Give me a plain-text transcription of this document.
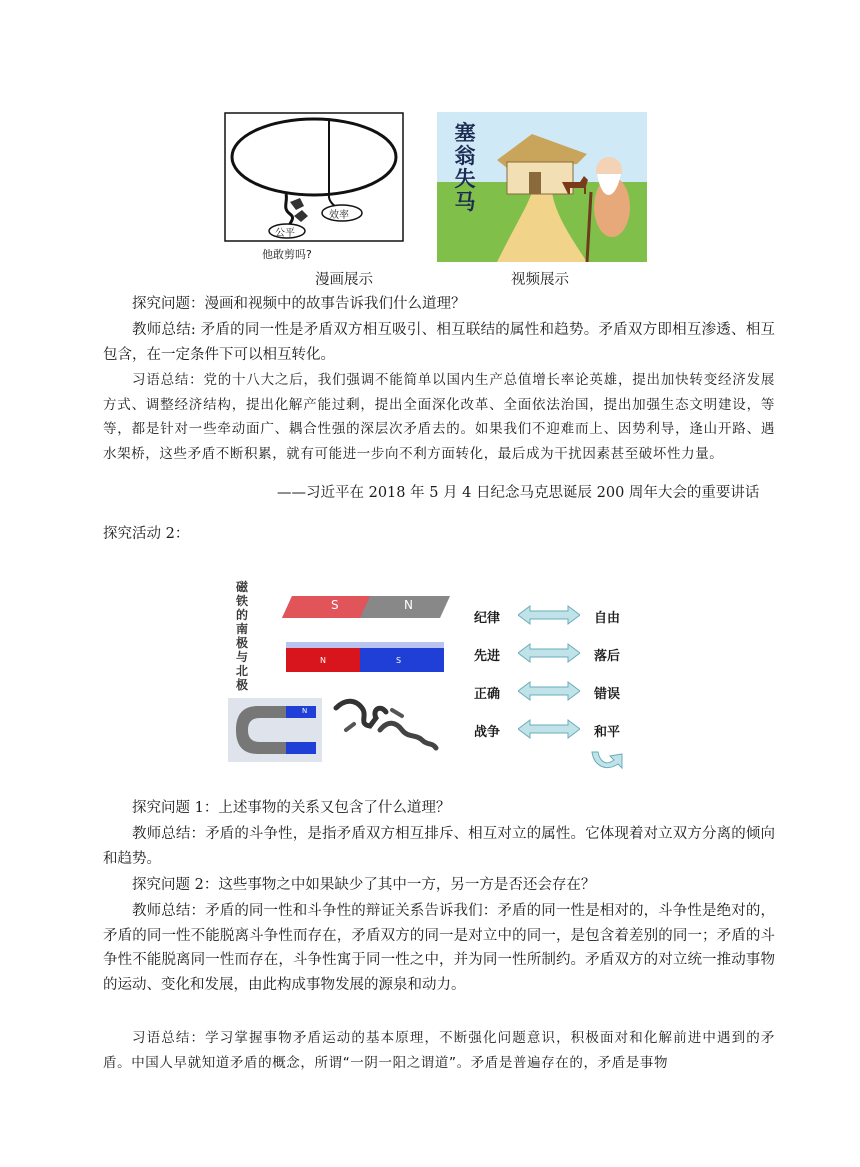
效率
公平
他敢剪吗?
漫画展示
塞
翁
失
马
视频展示

探究问题：漫画和视频中的故事告诉我们什么道理？

教师总结: 矛盾的同一性是矛盾双方相互吸引、相互联结的属性和趋势。矛盾双方即相互渗透、相互包含，在一定条件下可以相互转化。

习语总结：党的十八大之后，我们强调不能简单以国内生产总值增长率论英雄，提出加快转变经济发展方式、调整经济结构，提出化解产能过剩，提出全面深化改革、全面依法治国，提出加强生态文明建设，等等，都是针对一些牵动面广、耦合性强的深层次矛盾去的。如果我们不迎难而上、因势利导，逢山开路、遇水架桥，这些矛盾不断积累，就有可能进一步向不利方面转化，最后成为干扰因素甚至破坏性力量。

——习近平在 2018 年 5 月 4 日纪念马克思诞辰 200 周年大会的重要讲话

探究活动 2：

磁
铁
的
南
极
与
北
极
S	N
N	S
N
纪律	自由
先进	落后
正确	错误
战争	和平

探究问题 1：上述事物的关系又包含了什么道理？

教师总结：矛盾的斗争性，是指矛盾双方相互排斥、相互对立的属性。它体现着对立双方分离的倾向和趋势。

探究问题 2：这些事物之中如果缺少了其中一方，另一方是否还会存在？

教师总结：矛盾的同一性和斗争性的辩证关系告诉我们：矛盾的同一性是相对的，斗争性是绝对的，矛盾的同一性不能脱离斗争性而存在，矛盾双方的同一是对立中的同一，是包含着差别的同一；矛盾的斗争性不能脱离同一性而存在，斗争性寓于同一性之中，并为同一性所制约。矛盾双方的对立统一推动事物的运动、变化和发展，由此构成事物发展的源泉和动力。

习语总结：学习掌握事物矛盾运动的基本原理，不断强化问题意识，积极面对和化解前进中遇到的矛盾。中国人早就知道矛盾的概念，所谓“一阴一阳之谓道”。矛盾是普遍存在的，矛盾是事物
